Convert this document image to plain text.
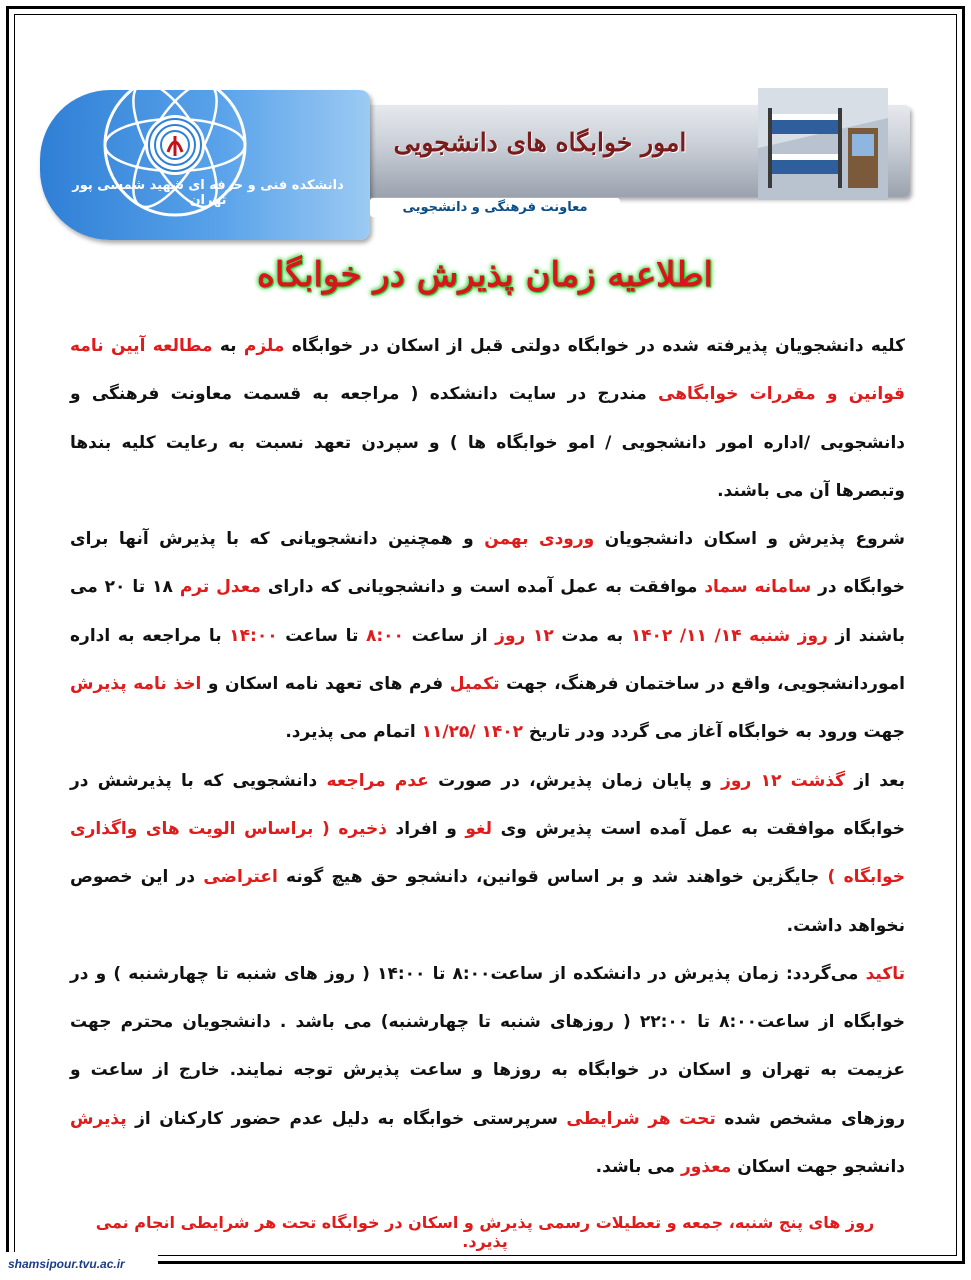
امور خوابگاه های دانشجویی
دانشکده فنی و حرفه ای شهید شمسی پور تهران	معاونت فرهنگی و دانشجویی
اطلاعیه زمان پذیرش در خوابگاه

کلیه دانشجویان پذیرفته شده در خوابگاه دولتی قبل از اسکان در خوابگاه ملزم به مطالعه آیین نامه قوانین و مقررات خوابگاهی مندرج در سایت دانشکده ( مراجعه به قسمت معاونت فرهنگی و دانشجویی /اداره امور دانشجویی / امو خوابگاه ها ) و سپردن تعهد نسبت به رعایت کلیه بندها وتبصرها آن می باشند.

شروع پذیرش و اسکان دانشجویان ورودی بهمن و همچنین دانشجویانی که با پذیرش آنها برای خوابگاه در سامانه سماد موافقت به عمل آمده است و دانشجویانی که دارای معدل ترم ۱۸ تا ۲۰ می باشند از روز شنبه ۱۴/ ۱۱/ ۱۴۰۲ به مدت ۱۲ روز از ساعت ۸:۰۰ تا ساعت ۱۴:۰۰ با مراجعه به اداره اموردانشجویی، واقع در ساختمان فرهنگ، جهت تکمیل فرم های تعهد نامه اسکان و اخذ نامه پذیرش جهت ورود به خوابگاه آغاز می گردد ودر تاریخ ۱۴۰۲ /۱۱/۲۵ اتمام می پذیرد.

بعد از گذشت ۱۲ روز و پایان زمان پذیرش، در صورت عدم مراجعه دانشجویی که با پذیرشش در خوابگاه موافقت به عمل آمده است پذیرش وی لغو و افراد ذخیره ( براساس الویت های واگذاری خوابگاه ) جایگزین خواهند شد و بر اساس قوانین، دانشجو حق هیچ گونه اعتراضی در این خصوص نخواهد داشت.

تاکید می‌گردد: زمان پذیرش در دانشکده از ساعت۸:۰۰ تا ۱۴:۰۰ ( روز های شنبه تا چهارشنبه ) و در خوابگاه از ساعت۸:۰۰ تا ۲۲:۰۰ ( روزهای شنبه تا چهارشنبه) می باشد . دانشجویان محترم جهت عزیمت به تهران و اسکان در خوابگاه به روزها و ساعت پذیرش توجه نمایند. خارج از ساعت و روزهای مشخص شده تحت هر شرایطی سرپرستی خوابگاه به دلیل عدم حضور کارکنان از پذیرش دانشجو جهت اسکان معذور می باشد.

روز های پنج شنبه، جمعه و تعطیلات رسمی پذیرش و اسکان در خوابگاه تحت هر شرایطی انجام نمی پذیرد.
shamsipour.tvu.ac.ir
